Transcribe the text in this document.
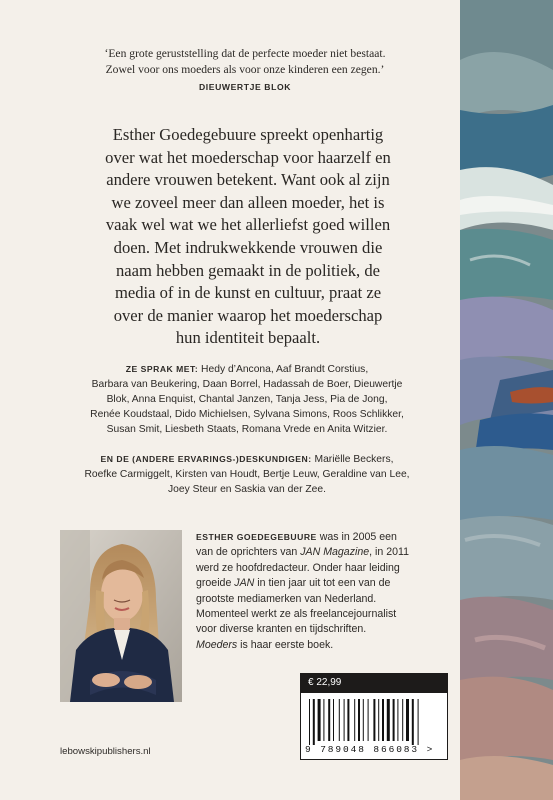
‘Een grote geruststelling dat de perfecte moeder niet bestaat.
Zowel voor ons moeders als voor onze kinderen een zegen.’
DIEUWERTJE BLOK
Esther Goedegebuure spreekt openhartig
over wat het moederschap voor haarzelf en
andere vrouwen betekent. Want ook al zijn
we zoveel meer dan alleen moeder, het is
vaak wel wat we het allerliefst goed willen
doen. Met indrukwekkende vrouwen die
naam hebben gemaakt in de politiek, de
media of in de kunst en cultuur, praat ze
over de manier waarop het moederschap
hun identiteit bepaalt.
ZE SPRAK MET: Hedy d’Ancona, Aaf Brandt Corstius,
Barbara van Beukering, Daan Borrel, Hadassah de Boer, Dieuwertje
Blok, Anna Enquist, Chantal Janzen, Tanja Jess, Pia de Jong,
Renée Koudstaal, Dido Michielsen, Sylvana Simons, Roos Schlikker,
Susan Smit, Liesbeth Staats, Romana Vrede en Anita Witzier.
EN DE (ANDERE ERVARINGS-)DESKUNDIGEN: Mariëlle Beckers,
Roefke Carmiggelt, Kirsten van Houdt, Bertje Leuw, Geraldine van Lee,
Joey Steur en Saskia van der Zee.
ESTHER GOEDEGEBUURE was in 2005 een
van de oprichters van JAN Magazine, in 2011
werd ze hoofdredacteur. Onder haar leiding
groeide JAN in tien jaar uit tot een van de
grootste mediamerken van Nederland.
Momenteel werkt ze als freelancejournalist
voor diverse kranten en tijdschriften.
Moeders is haar eerste boek.
€ 22,99
9 789048 866083 >
lebowskipublishers.nl
